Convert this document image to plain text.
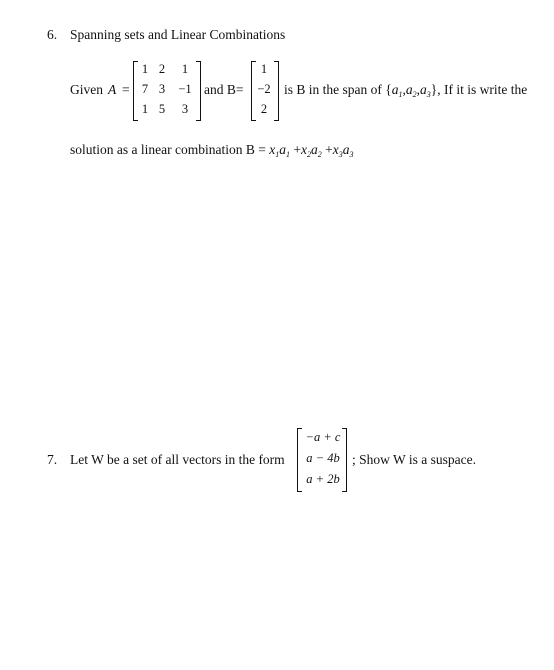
6. Spanning sets and Linear Combinations
Given A =
1 2	1
7 3	−1
1 5	3
and B=
1
−2
2
is B in the span of $\{a_1,a_2,a_3\}$, If it is write the
solution as a linear combination $B = x_1a_1 +x_2a_2 +x_3a_3$
7. Let W be a set of all vectors in the form
−a + c
a − 4b
a + 2b
; Show W is a suspace.
